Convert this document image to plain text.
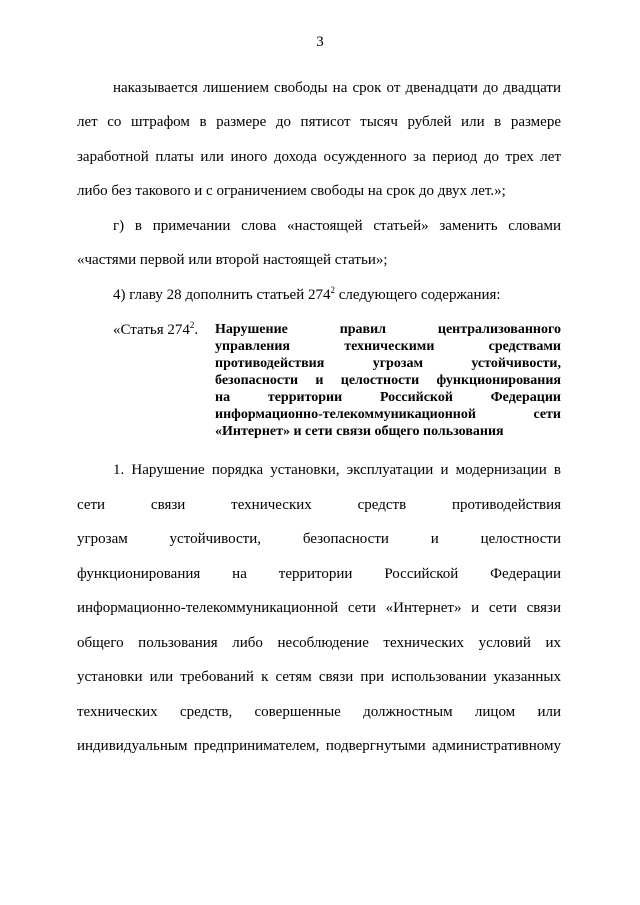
3
наказывается лишением свободы на срок от двенадцати до двадцати
лет со штрафом в размере до пятисот тысяч рублей или в размере
заработной платы или иного дохода осужденного за период до трех лет
либо без такового и с ограничением свободы на срок до двух лет.»;
г) в примечании слова «настоящей статьей» заменить словами
«частями первой или второй настоящей статьи»;
4) главу 28 дополнить статьей $274^2$ следующего содержания:
«Статья $274^2$. Нарушение правил централизованного
управления техническими средствами
противодействия угрозам устойчивости,
безопасности и целостности функционирования
на территории Российской Федерации
информационно-телекоммуникационной сети
«Интернет» и сети связи общего пользования
1. Нарушение порядка установки, эксплуатации и модернизации в
сети связи технических средств противодействия
угрозам устойчивости, безопасности и целостности
функционирования на территории Российской Федерации
информационно-телекоммуникационной сети «Интернет» и сети связи
общего пользования либо несоблюдение технических условий их
установки или требований к сетям связи при использовании указанных
технических средств, совершенные должностным лицом или
индивидуальным предпринимателем, подвергнутыми административному
